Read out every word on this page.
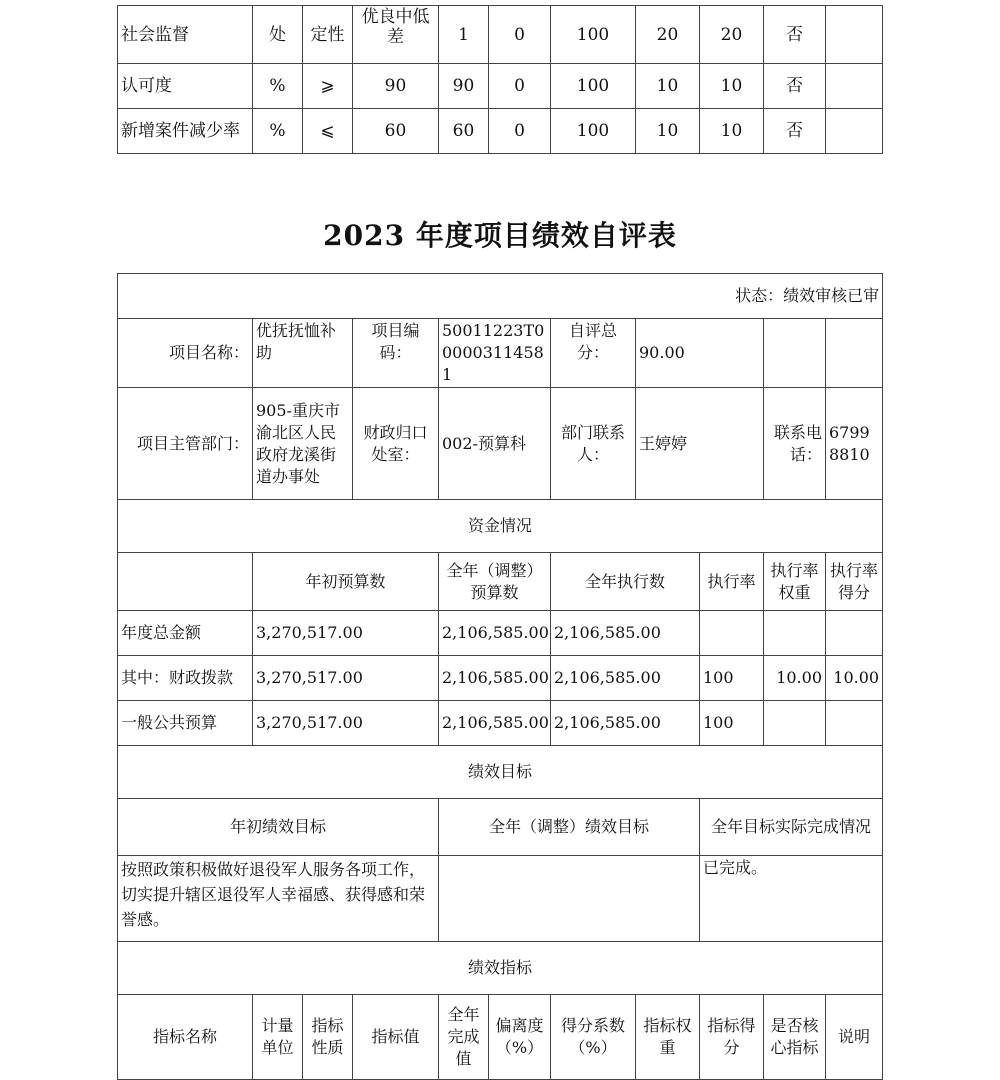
社会监督	处	定性	优良中低差	1	0	100	20	20	否	
认可度	%	⩾	90	90	0	100	10	10	否	
新增案件减少率	%	⩽	60	60	0	100	10	10	否	
2023 年度项目绩效自评表
状态：绩效审核已审										
项目名称：	优抚抚恤补助		项目编码：	50011223T000003114581		自评总分：	90.00			
项目主管部门：	905-重庆市渝北区人民政府龙溪街道办事处		财政归口处室：	002-预算科		部门联系人：	王婷婷		联系电话：	67998810
资金情况										
	年初预算数			全年（调整）预算数		全年执行数		执行率	执行率权重	执行率得分
年度总金额	3,270,517.00			2,106,585.00		2,106,585.00				
其中：财政拨款	3,270,517.00			2,106,585.00		2,106,585.00		100	10.00	10.00
一般公共预算	3,270,517.00			2,106,585.00		2,106,585.00		100		
绩效目标										
年初绩效目标				全年（调整）绩效目标				全年目标实际完成情况		
按照政策积极做好退役军人服务各项工作，切实提升辖区退役军人幸福感、获得感和荣誉感。								已完成。		
绩效指标										
指标名称	计量单位	指标性质	指标值	全年完成值	偏离度（%）	得分系数（%）	指标权重	指标得分	是否核心指标	说明
